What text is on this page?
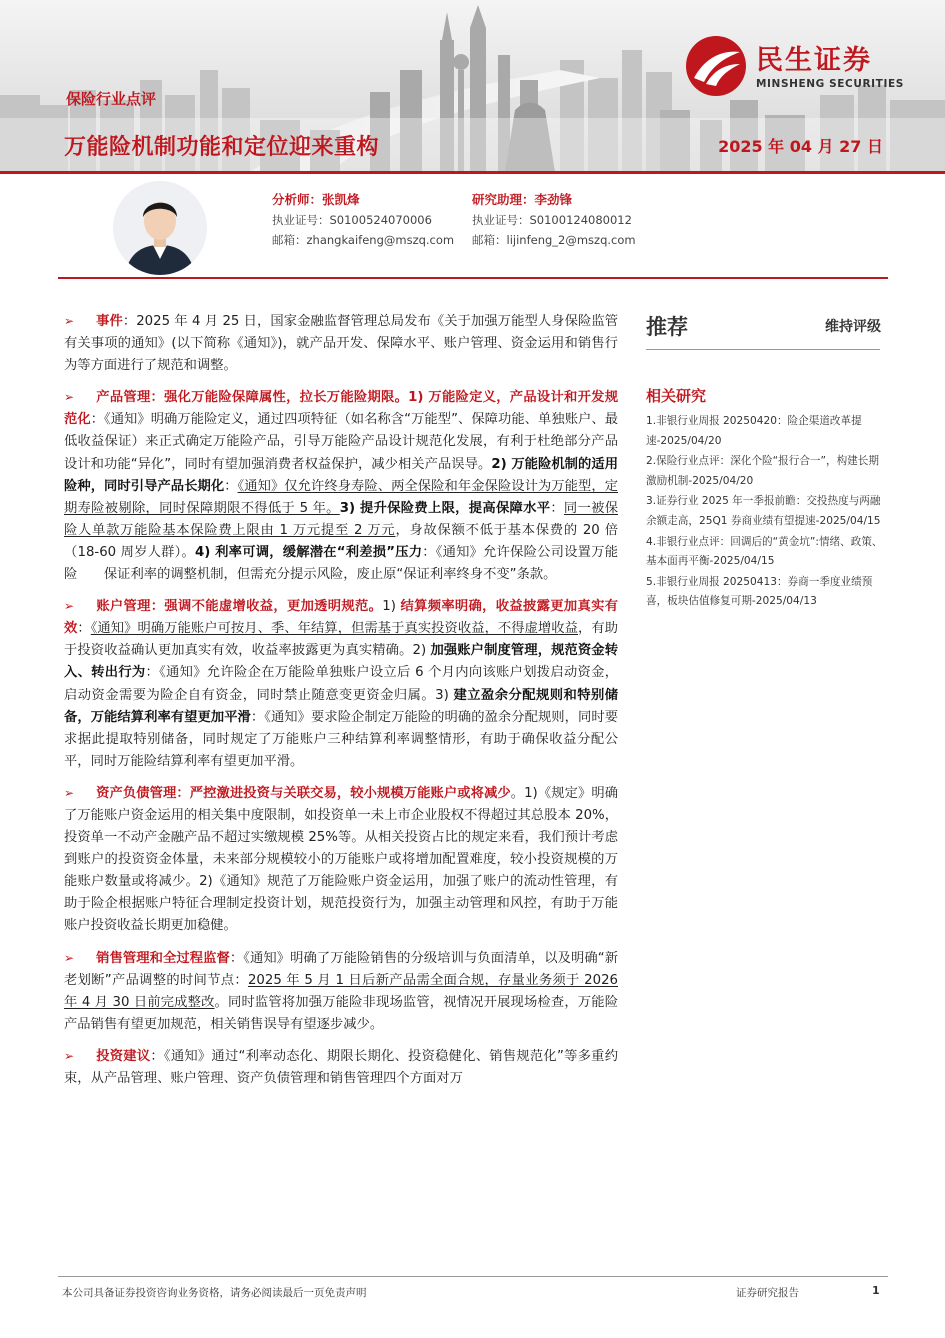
民生证券
MINSHENG SECURITIES
保险行业点评
万能险机制功能和定位迎来重构	2025 年 04 月 27 日
分析师：张凯烽
执业证号：S0100524070006
邮箱：zhangkaifeng@mszq.com
研究助理：李劲锋
执业证号：S0100124080012
邮箱：lijinfeng_2@mszq.com

➢ 事件：2025 年 4 月 25 日，国家金融监督管理总局发布《关于加强万能型人身保险监管有关事项的通知》(以下简称《通知》)，就产品开发、保障水平、账户管理、资金运用和销售行为等方面进行了规范和调整。

➢ 产品管理：强化万能险保障属性，拉长万能险期限。1) 万能险定义，产品设计和开发规范化：《通知》明确万能险定义，通过四项特征（如名称含“万能型”、保障功能、单独账户、最低收益保证）来正式确定万能险产品，引导万能险产品设计规范化发展，有利于杜绝部分产品设计和功能“异化”，同时有望加强消费者权益保护，减少相关产品误导。2) 万能险机制的适用险种，同时引导产品长期化：《通知》仅允许终身寿险、两全保险和年金保险设计为万能型，定期寿险被剔除，同时保障期限不得低于 5 年。3) 提升保险费上限，提高保障水平：同一被保险人单款万能险基本保险费上限由 1 万元提至 2 万元，身故保额不低于基本保费的 20 倍（18-60 周岁人群）。4) 利率可调，缓解潜在“利差损”压力：《通知》允许保险公司设置万能险　　保证利率的调整机制，但需充分提示风险，废止原“保证利率终身不变”条款。

➢ 账户管理：强调不能虚增收益，更加透明规范。1) 结算频率明确，收益披露更加真实有效：《通知》明确万能账户可按月、季、年结算，但需基于真实投资收益，不得虚增收益，有助于投资收益确认更加真实有效，收益率披露更为真实精确。2) 加强账户制度管理，规范资金转入、转出行为：《通知》允许险企在万能险单独账户设立后 6 个月内向该账户划拨启动资金，启动资金需要为险企自有资金，同时禁止随意变更资金归属。3) 建立盈余分配规则和特别储备，万能结算利率有望更加平滑：《通知》要求险企制定万能险的明确的盈余分配规则，同时要求据此提取特别储备，同时规定了万能账户三种结算利率调整情形，有助于确保收益分配公平，同时万能险结算利率有望更加平滑。

➢ 资产负债管理：严控激进投资与关联交易，较小规模万能账户或将减少。1)《规定》明确了万能账户资金运用的相关集中度限制，如投资单一未上市企业股权不得超过其总股本 20%，投资单一不动产金融产品不超过实缴规模 25%等。从相关投资占比的规定来看，我们预计考虑到账户的投资资金体量，未来部分规模较小的万能账户或将增加配置难度，较小投资规模的万能账户数量或将减少。2)《通知》规范了万能险账户资金运用，加强了账户的流动性管理，有助于险企根据账户特征合理制定投资计划，规范投资行为，加强主动管理和风控，有助于万能账户投资收益长期更加稳健。

➢ 销售管理和全过程监督：《通知》明确了万能险销售的分级培训与负面清单，以及明确“新老划断”产品调整的时间节点：2025 年 5 月 1 日后新产品需全面合规，存量业务须于 2026 年 4 月 30 日前完成整改。同时监管将加强万能险非现场监管，视情况开展现场检查，万能险产品销售有望更加规范，相关销售误导有望逐步减少。

➢ 投资建议：《通知》通过“利率动态化、期限长期化、投资稳健化、销售规范化”等多重约束，从产品管理、账户管理、资产负债管理和销售管理四个方面对万

推荐	维持评级
相关研究
1.非银行业周报 20250420：险企渠道改革提速-2025/04/20
2.保险行业点评：深化个险“报行合一”，构建长期激励机制-2025/04/20
3.证券行业 2025 年一季报前瞻：交投热度与两融余额走高，25Q1 券商业绩有望提速-2025/04/15
4.非银行业点评：回调后的“黄金坑”:情绪、政策、基本面再平衡-2025/04/15
5.非银行业周报 20250413：券商一季度业绩预喜，板块估值修复可期-2025/04/13
本公司具备证券投资咨询业务资格，请务必阅读最后一页免责声明	证券研究报告	1
